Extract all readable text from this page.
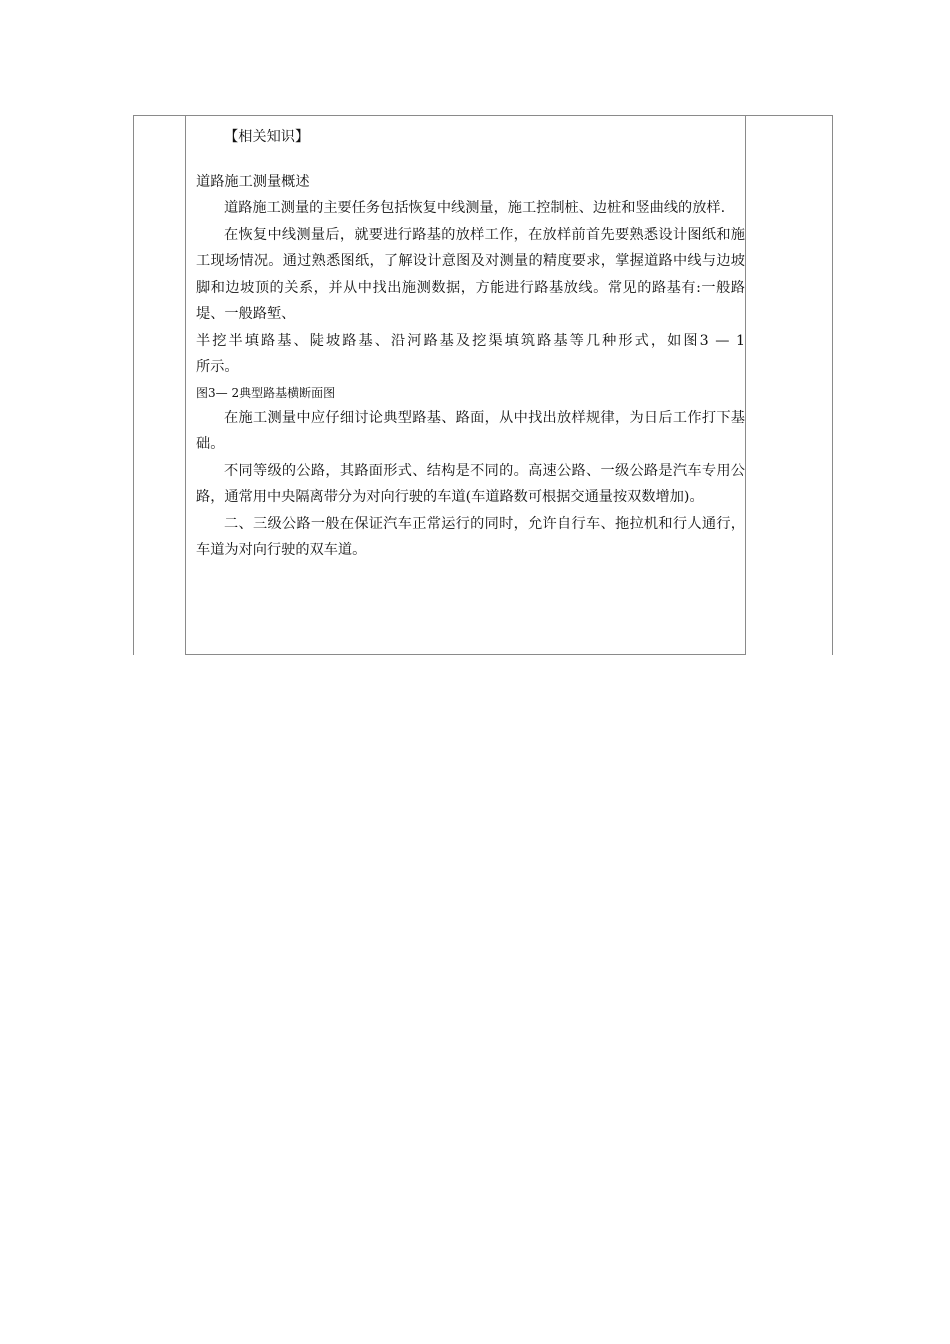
【相关知识】

道路施工测量概述

道路施工测量的主要任务包括恢复中线测量，施工控制桩、边桩和竖曲线的放样.

在恢复中线测量后，就要进行路基的放样工作，在放样前首先要熟悉设计图纸和施工现场情况。通过熟悉图纸，了解设计意图及对测量的精度要求，掌握道路中线与边坡脚和边坡顶的关系，并从中找出施测数据，方能进行路基放线。常见的路基有:一般路堤、一般路堑、

半挖半填路基、陡坡路基、沿河路基及挖渠填筑路基等几种形式，如图3 — 1

所示。

图3— 2典型路基横断面图

在施工测量中应仔细讨论典型路基、路面，从中找出放样规律，为日后工作打下基础。

不同等级的公路，其路面形式、结构是不同的。高速公路、一级公路是汽车专用公路，通常用中央隔离带分为对向行驶的车道(车道路数可根据交通量按双数增加)。

二、三级公路一般在保证汽车正常运行的同时，允许自行车、拖拉机和行人通行，车道为对向行驶的双车道。
